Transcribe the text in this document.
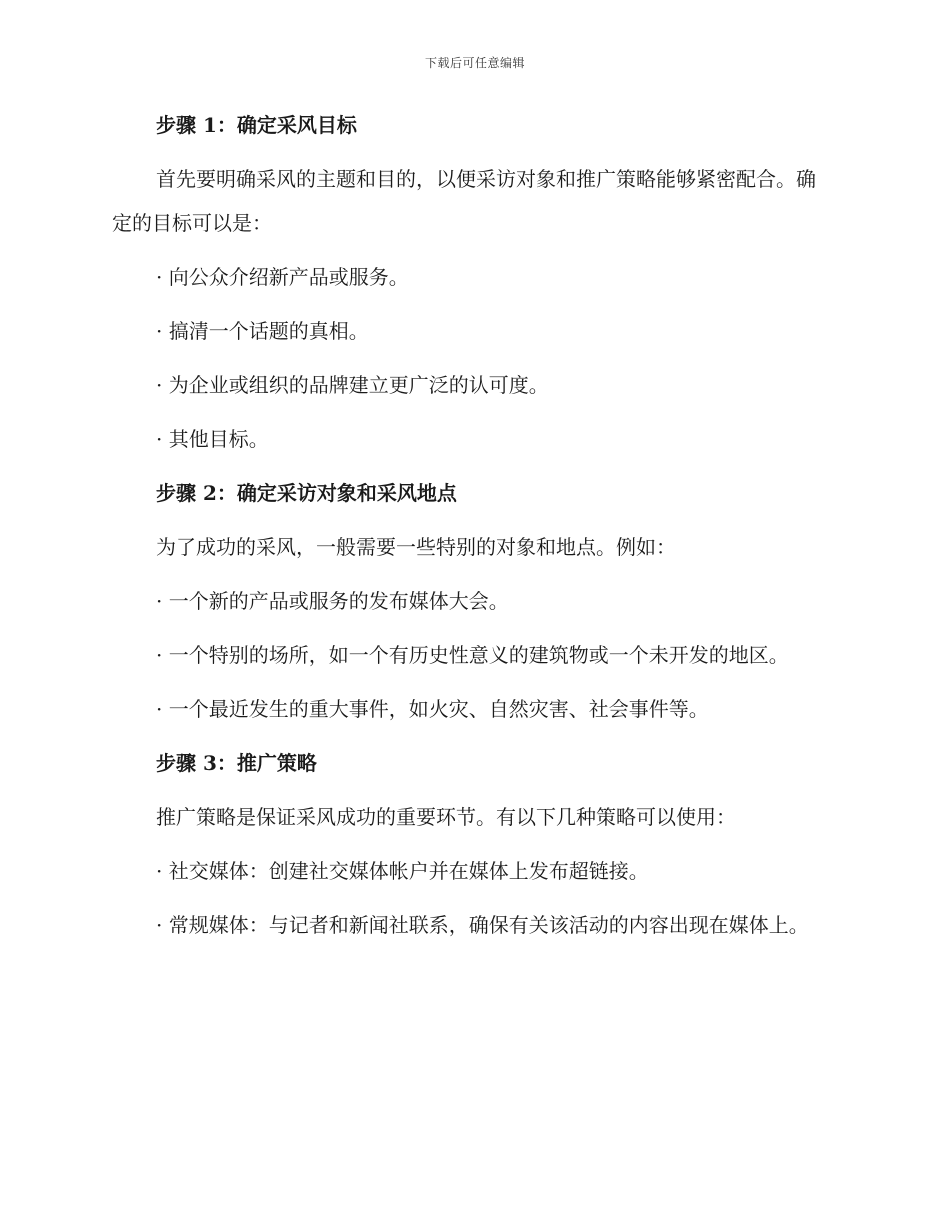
下载后可任意编辑
步骤 1：确定采风目标
首先要明确采风的主题和目的，以便采访对象和推广策略能够紧密配合。确定的目标可以是：
· 向公众介绍新产品或服务。
· 搞清一个话题的真相。
· 为企业或组织的品牌建立更广泛的认可度。
· 其他目标。
步骤 2：确定采访对象和采风地点
为了成功的采风，一般需要一些特别的对象和地点。例如：
· 一个新的产品或服务的发布媒体大会。
· 一个特别的场所，如一个有历史性意义的建筑物或一个未开发的地区。
· 一个最近发生的重大事件，如火灾、自然灾害、社会事件等。
步骤 3：推广策略
推广策略是保证采风成功的重要环节。有以下几种策略可以使用：
· 社交媒体：创建社交媒体帐户并在媒体上发布超链接。
· 常规媒体：与记者和新闻社联系，确保有关该活动的内容出现在媒体上。
